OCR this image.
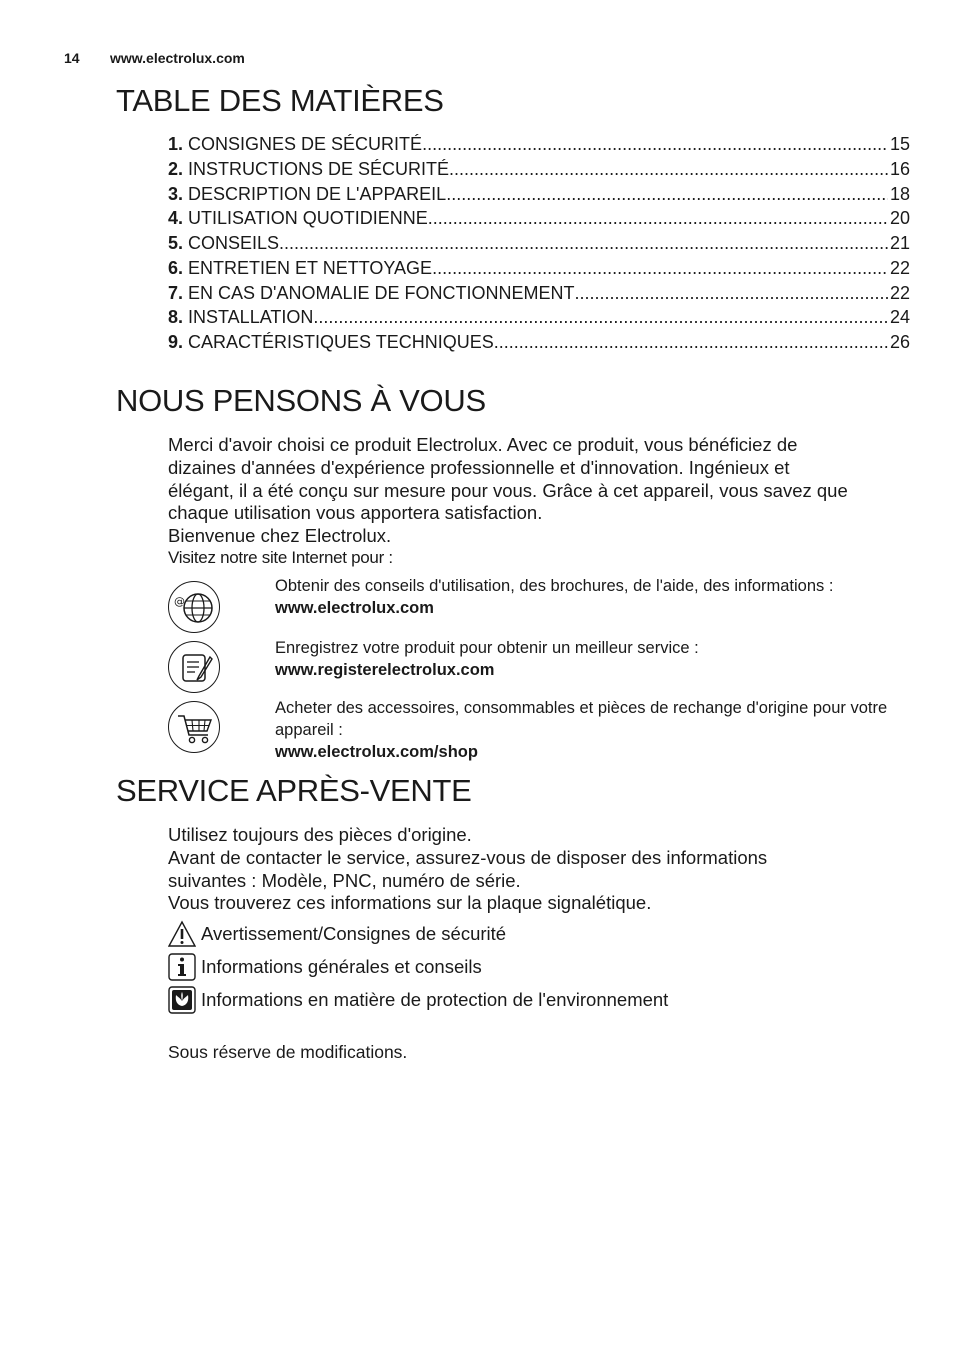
14 www.electrolux.com
TABLE DES MATIÈRES
1. CONSIGNES DE SÉCURITÉ .....	15
2. INSTRUCTIONS DE SÉCURITÉ .....	16
3. DESCRIPTION DE L'APPAREIL .....	18
4. UTILISATION QUOTIDIENNE .....	20
5. CONSEILS .....	21
6. ENTRETIEN ET NETTOYAGE .....	22
7. EN CAS D'ANOMALIE DE FONCTIONNEMENT .....	22
8. INSTALLATION .....	24
9. CARACTÉRISTIQUES TECHNIQUES .....	26
NOUS PENSONS À VOUS

Merci d'avoir choisi ce produit Electrolux. Avec ce produit, vous bénéficiez de

dizaines d'années d'expérience professionnelle et d'innovation. Ingénieux et

élégant, il a été conçu sur mesure pour vous. Grâce à cet appareil, vous savez que

chaque utilisation vous apportera satisfaction.

Bienvenue chez Electrolux.

Visitez notre site Internet pour :
@
Obtenir des conseils d'utilisation, des brochures, de l'aide, des informations :
www.electrolux.com
Enregistrez votre produit pour obtenir un meilleur service :
www.registerelectrolux.com
Acheter des accessoires, consommables et pièces de rechange d'origine pour votre appareil :
www.electrolux.com/shop
SERVICE APRÈS-VENTE

Utilisez toujours des pièces d'origine.

Avant de contacter le service, assurez-vous de disposer des informations

suivantes : Modèle, PNC, numéro de série.

Vous trouverez ces informations sur la plaque signalétique.

Avertissement/Consignes de sécurité
Informations générales et conseils
Informations en matière de protection de l'environnement
Sous réserve de modifications.
